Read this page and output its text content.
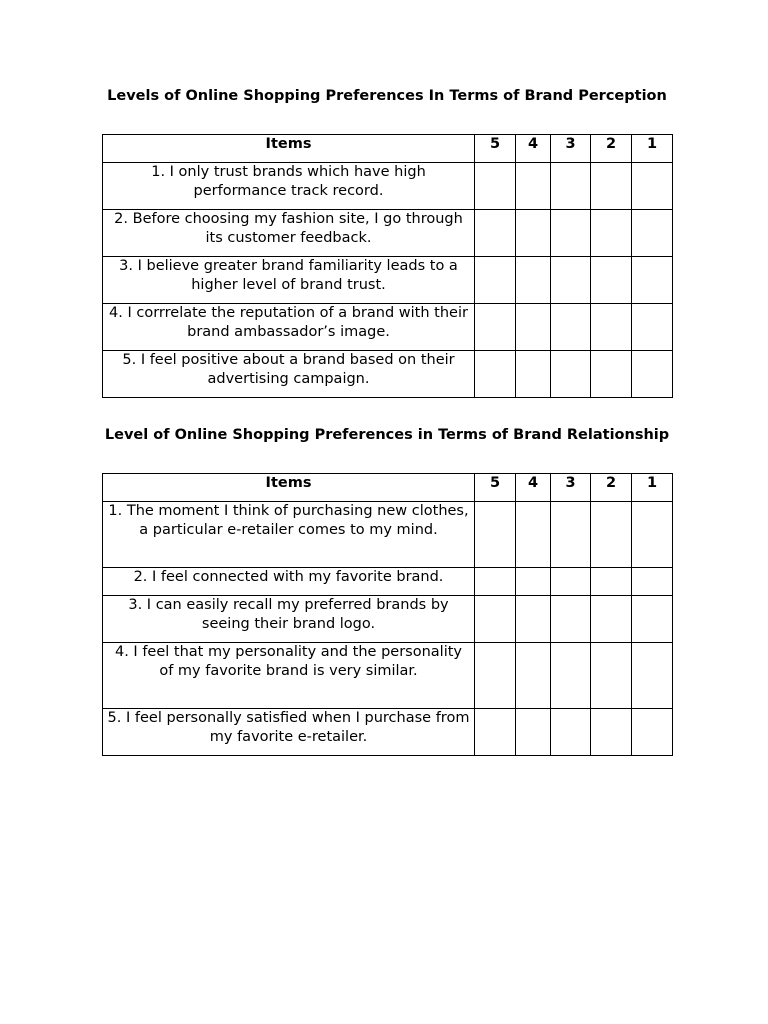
Levels of Online Shopping Preferences In Terms of Brand Perception
Items	5	4	3	2	1
1. I only trust brands which have high performance track record.					
2. Before choosing my fashion site, I go through its customer feedback.					
3. I believe greater brand familiarity leads to a higher level of brand trust.					
4. I corrrelate the reputation of a brand with their brand ambassador’s image.					
5. I feel positive about a brand based on their advertising campaign.					
Level of Online Shopping Preferences in Terms of Brand Relationship
Items	5	4	3	2	1
1. The moment I think of purchasing new clothes, a particular e-retailer comes to my mind.					
2. I feel connected with my favorite brand.					
3. I can easily recall my preferred brands by seeing their brand logo.					
4. I feel that my personality and the personality of my favorite brand is very similar.					
5. I feel personally satisfied when I purchase from my favorite e-retailer.					
